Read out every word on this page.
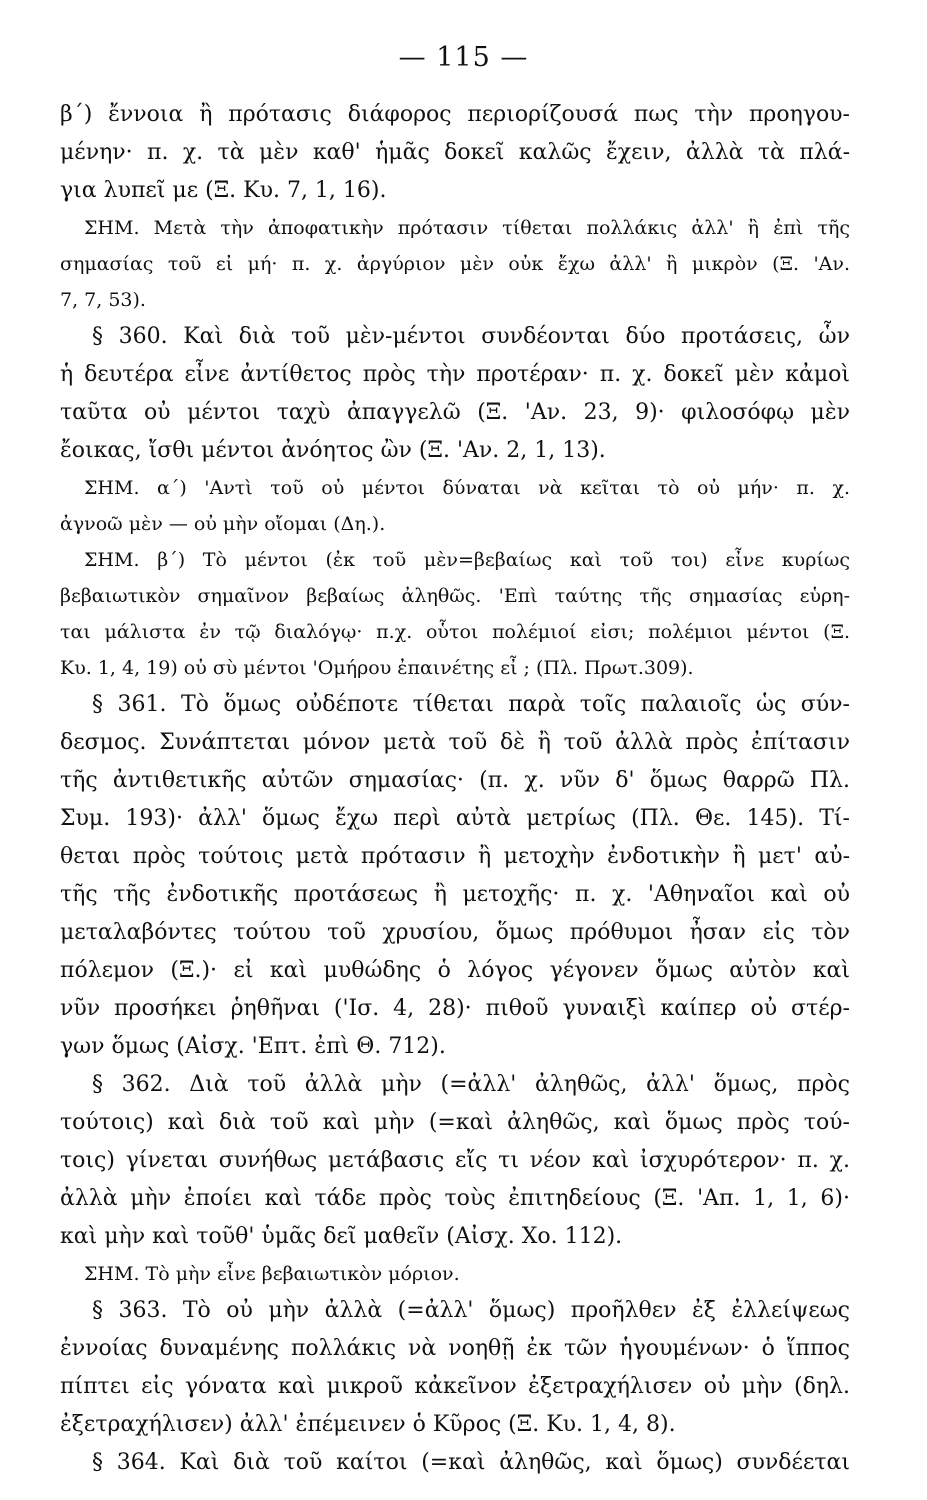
— 115 —
β΄) ἔννοια ἢ πρότασις διάφορος περιορίζουσά πως τὴν προηγου-
μένην· π. χ. τὰ μὲν καθ' ἡμᾶς δοκεῖ καλῶς ἔχειν, ἀλλὰ τὰ πλά-
για λυπεῖ με (Ξ. Κυ. 7, 1, 16).
ΣΗΜ. Μετὰ τὴν ἀποφατικὴν πρότασιν τίθεται πολλάκις ἀλλ' ἢ ἐπὶ τῆς
σημασίας τοῦ εἰ μή· π. χ. ἀργύριον μὲν οὐκ ἔχω ἀλλ' ἢ μικρὸν (Ξ. 'Αν.
7, 7, 53).
§ 360. Καὶ διὰ τοῦ μὲν-μέντοι συνδέονται δύο προτάσεις, ὧν
ἡ δευτέρα εἶνε ἀντίθετος πρὸς τὴν προτέραν· π. χ. δοκεῖ μὲν κἀμοὶ
ταῦτα οὐ μέντοι ταχὺ ἀπαγγελῶ (Ξ. 'Αν. 23, 9)· φιλοσόφῳ μὲν
ἔοικας, ἴσθι μέντοι ἀνόητος ὢν (Ξ. 'Αν. 2, 1, 13).
ΣΗΜ. α΄) 'Αντὶ τοῦ οὐ μέντοι δύναται νὰ κεῖται τὸ οὐ μήν· π. χ.
ἀγνοῶ μὲν — οὐ μὴν οἴομαι (Δη.).
ΣΗΜ. β΄) Τὸ μέντοι (ἐκ τοῦ μὲν=βεβαίως καὶ τοῦ τοι) εἶνε κυρίως
βεβαιωτικὸν σημαῖνον βεβαίως ἀληθῶς. 'Επὶ ταύτης τῆς σημασίας εὑρη-
ται μάλιστα ἐν τῷ διαλόγῳ· π.χ. οὗτοι πολέμιοί εἰσι; πολέμιοι μέντοι (Ξ.
Κυ. 1, 4, 19) οὐ σὺ μέντοι 'Ομήρου ἐπαινέτης εἶ ; (Πλ. Πρωτ.309).
§ 361. Τὸ ὅμως οὐδέποτε τίθεται παρὰ τοῖς παλαιοῖς ὡς σύν-
δεσμος. Συνάπτεται μόνον μετὰ τοῦ δὲ ἢ τοῦ ἀλλὰ πρὸς ἐπίτασιν
τῆς ἀντιθετικῆς αὐτῶν σημασίας· (π. χ. νῦν δ' ὅμως θαρρῶ Πλ.
Συμ. 193)· ἀλλ' ὅμως ἔχω περὶ αὐτὰ μετρίως (Πλ. Θε. 145). Τί-
θεται πρὸς τούτοις μετὰ πρότασιν ἢ μετοχὴν ἐνδοτικὴν ἢ μετ' αὐ-
τῆς τῆς ἐνδοτικῆς προτάσεως ἢ μετοχῆς· π. χ. 'Αθηναῖοι καὶ οὐ
μεταλαβόντες τούτου τοῦ χρυσίου, ὅμως πρόθυμοι ἦσαν εἰς τὸν
πόλεμον (Ξ.)· εἰ καὶ μυθώδης ὁ λόγος γέγονεν ὅμως αὐτὸν καὶ
νῦν προσήκει ῥηθῆναι ('Ισ. 4, 28)· πιθοῦ γυναιξὶ καίπερ οὐ στέρ-
γων ὅμως (Αἰσχ. 'Επτ. ἐπὶ Θ. 712).
§ 362. Διὰ τοῦ ἀλλὰ μὴν (=ἀλλ' ἀληθῶς, ἀλλ' ὅμως, πρὸς
τούτοις) καὶ διὰ τοῦ καὶ μὴν (=καὶ ἀληθῶς, καὶ ὅμως πρὸς τού-
τοις) γίνεται συνήθως μετάβασις εἴς τι νέον καὶ ἰσχυρότερον· π. χ.
ἀλλὰ μὴν ἐποίει καὶ τάδε πρὸς τοὺς ἐπιτηδείους (Ξ. 'Απ. 1, 1, 6)·
καὶ μὴν καὶ τοῦθ' ὑμᾶς δεῖ μαθεῖν (Αἰσχ. Χο. 112).
ΣΗΜ. Τὸ μὴν εἶνε βεβαιωτικὸν μόριον.
§ 363. Τὸ οὐ μὴν ἀλλὰ (=ἀλλ' ὅμως) προῆλθεν ἐξ ἐλλείψεως
ἐννοίας δυναμένης πολλάκις νὰ νοηθῇ ἐκ τῶν ἡγουμένων· ὁ ἵππος
πίπτει εἰς γόνατα καὶ μικροῦ κἀκεῖνον ἐξετραχήλισεν οὐ μὴν (δηλ.
ἐξετραχήλισεν) ἀλλ' ἐπέμεινεν ὁ Κῦρος (Ξ. Κυ. 1, 4, 8).
§ 364. Καὶ διὰ τοῦ καίτοι (=καὶ ἀληθῶς, καὶ ὅμως) συνδέεται
